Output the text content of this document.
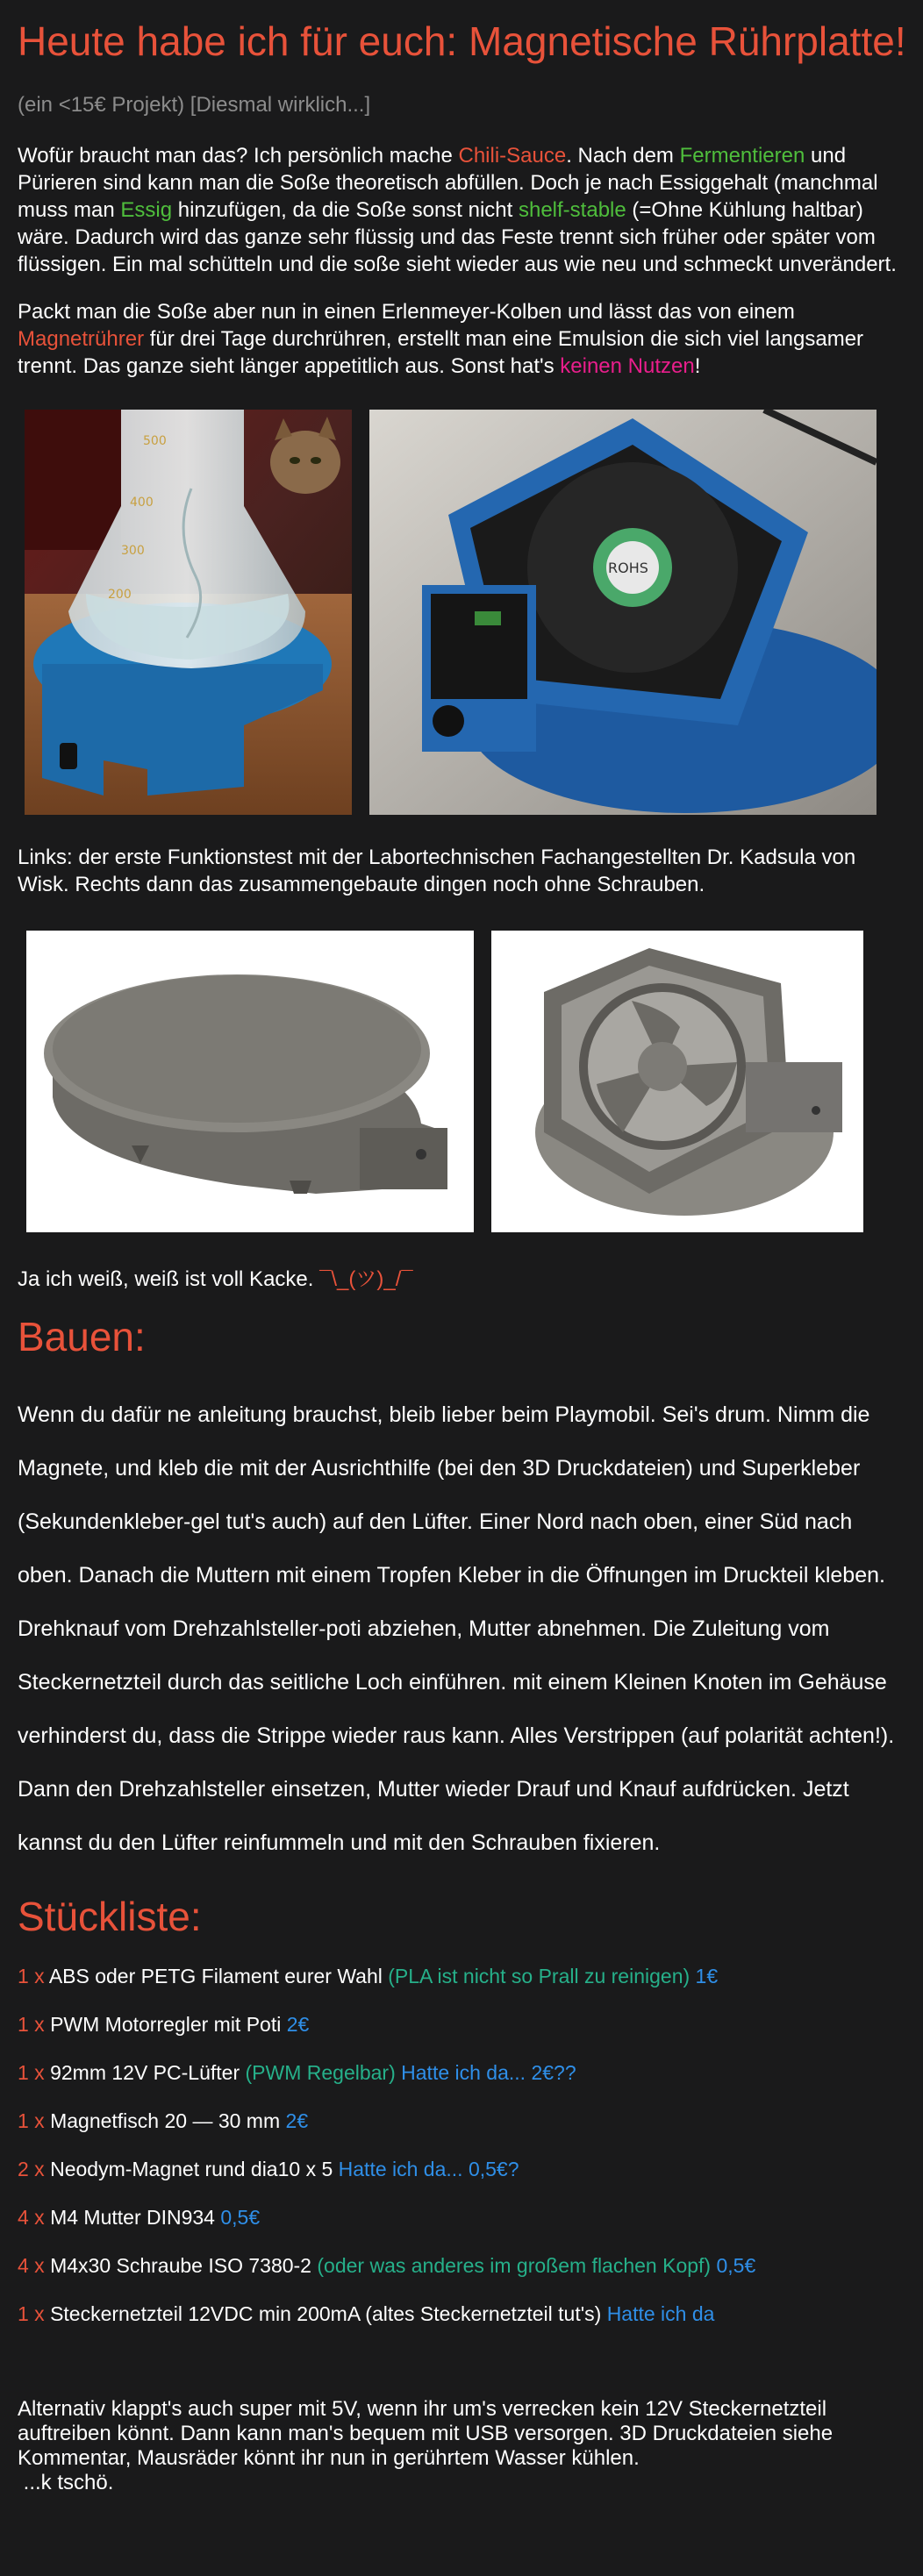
Heute habe ich für euch: Magnetische Rührplatte!
(ein <15€ Projekt) [Diesmal wirklich...]
Wofür braucht man das? Ich persönlich mache Chili-Sauce. Nach dem Fermentieren und Pürieren sind kann man die Soße theoretisch abfüllen. Doch je nach Essiggehalt (manchmal muss man Essig hinzufügen, da die Soße sonst nicht shelf-stable (=Ohne Kühlung haltbar) wäre. Dadurch wird das ganze sehr flüssig und das Feste trennt sich früher oder später vom flüssigen. Ein mal schütteln und die soße sieht wieder aus wie neu und schmeckt unverändert.
Packt man die Soße aber nun in einen Erlenmeyer-Kolben und lässt das von einem Magnetrührer für drei Tage durchrühren, erstellt man eine Emulsion die sich viel langsamer trennt. Das ganze sieht länger appetitlich aus. Sonst hat's keinen Nutzen!
500
400
300
200
ROHS
Links: der erste Funktionstest mit der Labortechnischen Fachangestellten Dr. Kadsula von Wisk. Rechts dann das zusammengebaute dingen noch ohne Schrauben.
Ja ich weiß, weiß ist voll Kacke. ¯\_(ツ)_/¯
Bauen:
Wenn du dafür ne anleitung brauchst, bleib lieber beim Playmobil. Sei's drum. Nimm die Magnete, und kleb die mit der Ausrichthilfe (bei den 3D Druckdateien) und Superkleber (Sekundenkleber-gel tut's auch) auf den Lüfter. Einer Nord nach oben, einer Süd nach oben. Danach die Muttern mit einem Tropfen Kleber in die Öffnungen im Druckteil kleben. Drehknauf vom Drehzahlsteller-poti abziehen, Mutter abnehmen. Die Zuleitung vom Steckernetzteil durch das seitliche Loch einführen. mit einem Kleinen Knoten im Gehäuse verhinderst du, dass die Strippe wieder raus kann. Alles Verstrippen (auf polarität achten!). Dann den Drehzahlsteller einsetzen, Mutter wieder Drauf und Knauf aufdrücken. Jetzt kannst du den Lüfter reinfummeln und mit den Schrauben fixieren.
Stückliste:
1 x ABS oder PETG Filament eurer Wahl (PLA ist nicht so Prall zu reinigen) 1€
1 x PWM Motorregler mit Poti 2€
1 x 92mm 12V PC-Lüfter (PWM Regelbar) Hatte ich da... 2€??
1 x Magnetfisch 20 — 30 mm 2€
2 x Neodym-Magnet rund dia10 x 5 Hatte ich da... 0,5€?
4 x M4 Mutter DIN934 0,5€
4 x M4x30 Schraube ISO 7380-2 (oder was anderes im großem flachen Kopf) 0,5€
1 x Steckernetzteil 12VDC min 200mA (altes Steckernetzteil tut's) Hatte ich da
Alternativ klappt's auch super mit 5V, wenn ihr um's verrecken kein 12V Steckernetzteil auftreiben könnt. Dann kann man's bequem mit USB versorgen. 3D Druckdateien siehe Kommentar, Mausräder könnt ihr nun in gerührtem Wasser kühlen.
...k tschö.
